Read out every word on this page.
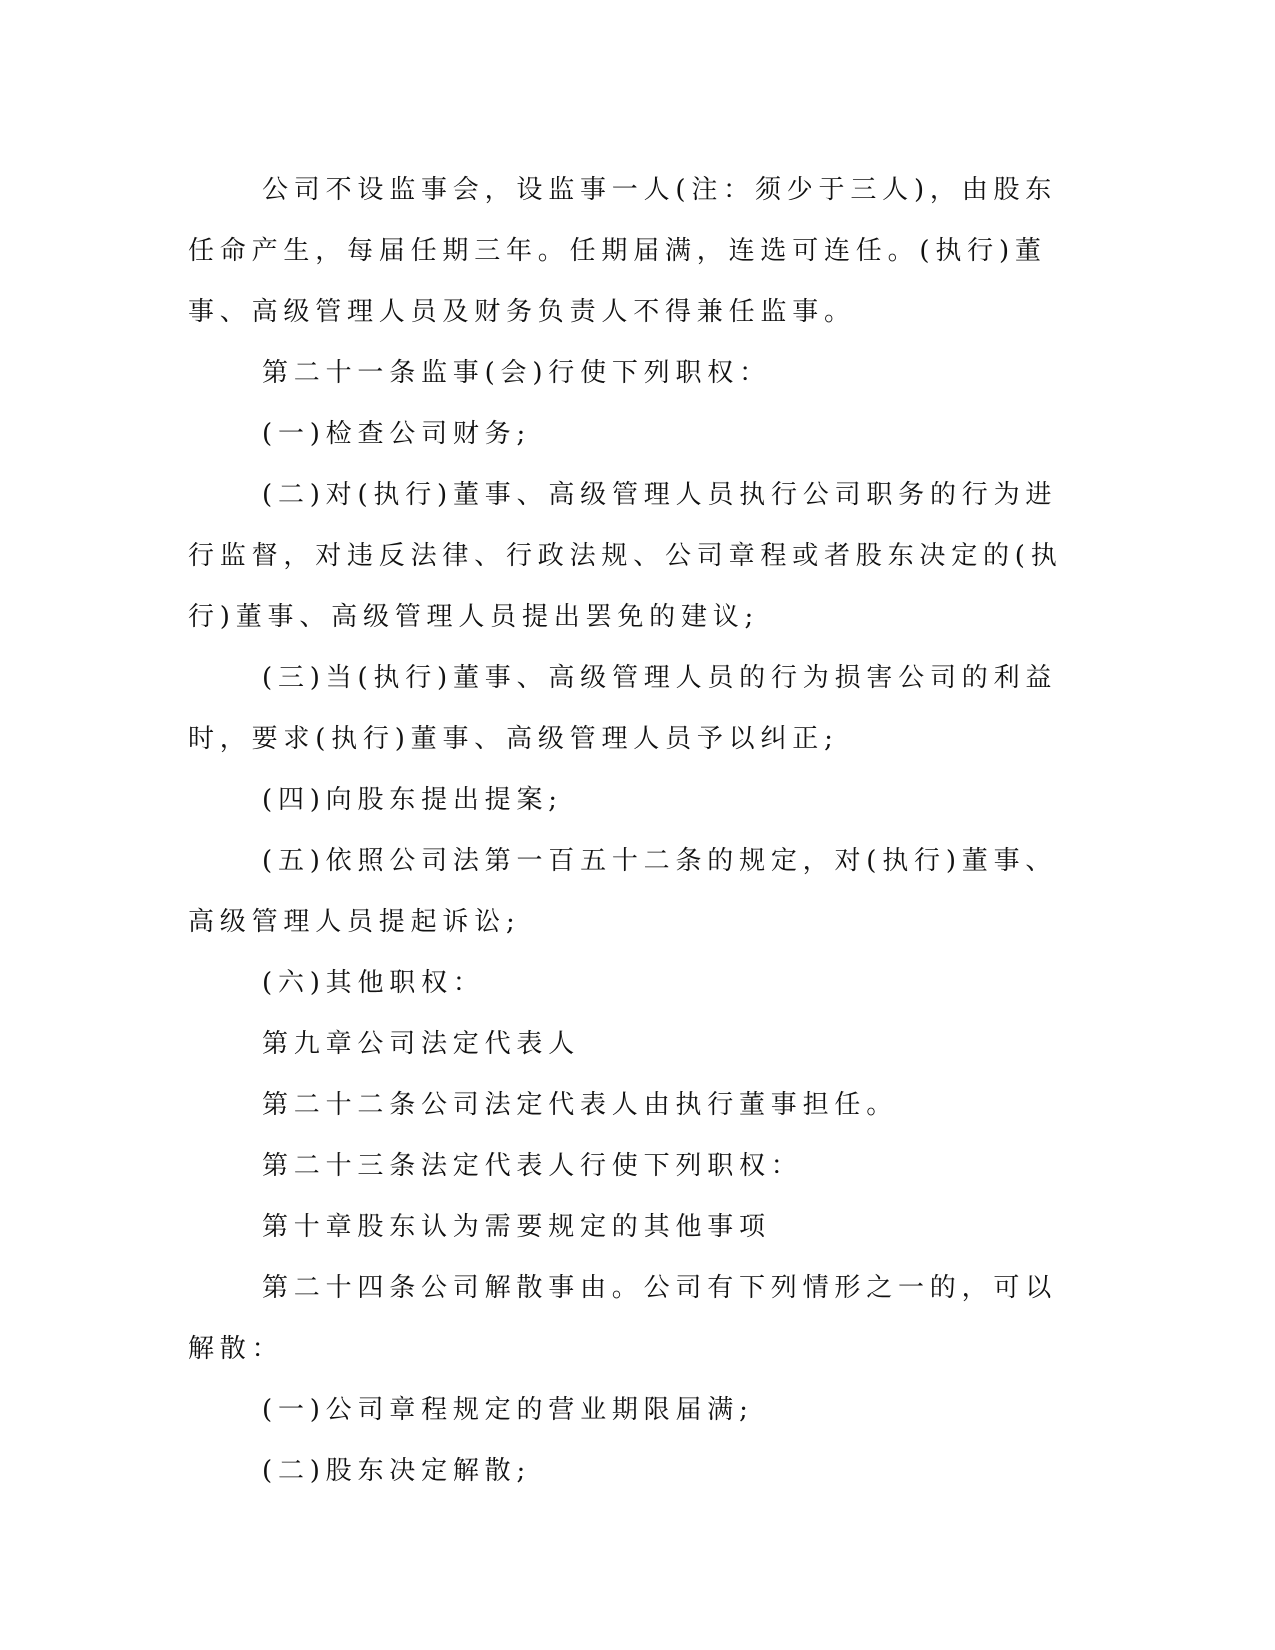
公司不设监事会，设监事一人(注：须少于三人)，由股东任命产生，每届任期三年。任期届满，连选可连任。(执行)董事、高级管理人员及财务负责人不得兼任监事。

第二十一条监事(会)行使下列职权：

(一)检查公司财务;

(二)对(执行)董事、高级管理人员执行公司职务的行为进行监督，对违反法律、行政法规、公司章程或者股东决定的(执行)董事、高级管理人员提出罢免的建议;

(三)当(执行)董事、高级管理人员的行为损害公司的利益时，要求(执行)董事、高级管理人员予以纠正;

(四)向股东提出提案;

(五)依照公司法第一百五十二条的规定，对(执行)董事、高级管理人员提起诉讼;

(六)其他职权：

第九章公司法定代表人

第二十二条公司法定代表人由执行董事担任。

第二十三条法定代表人行使下列职权：

第十章股东认为需要规定的其他事项

第二十四条公司解散事由。公司有下列情形之一的，可以解散：

(一)公司章程规定的营业期限届满;

(二)股东决定解散;
